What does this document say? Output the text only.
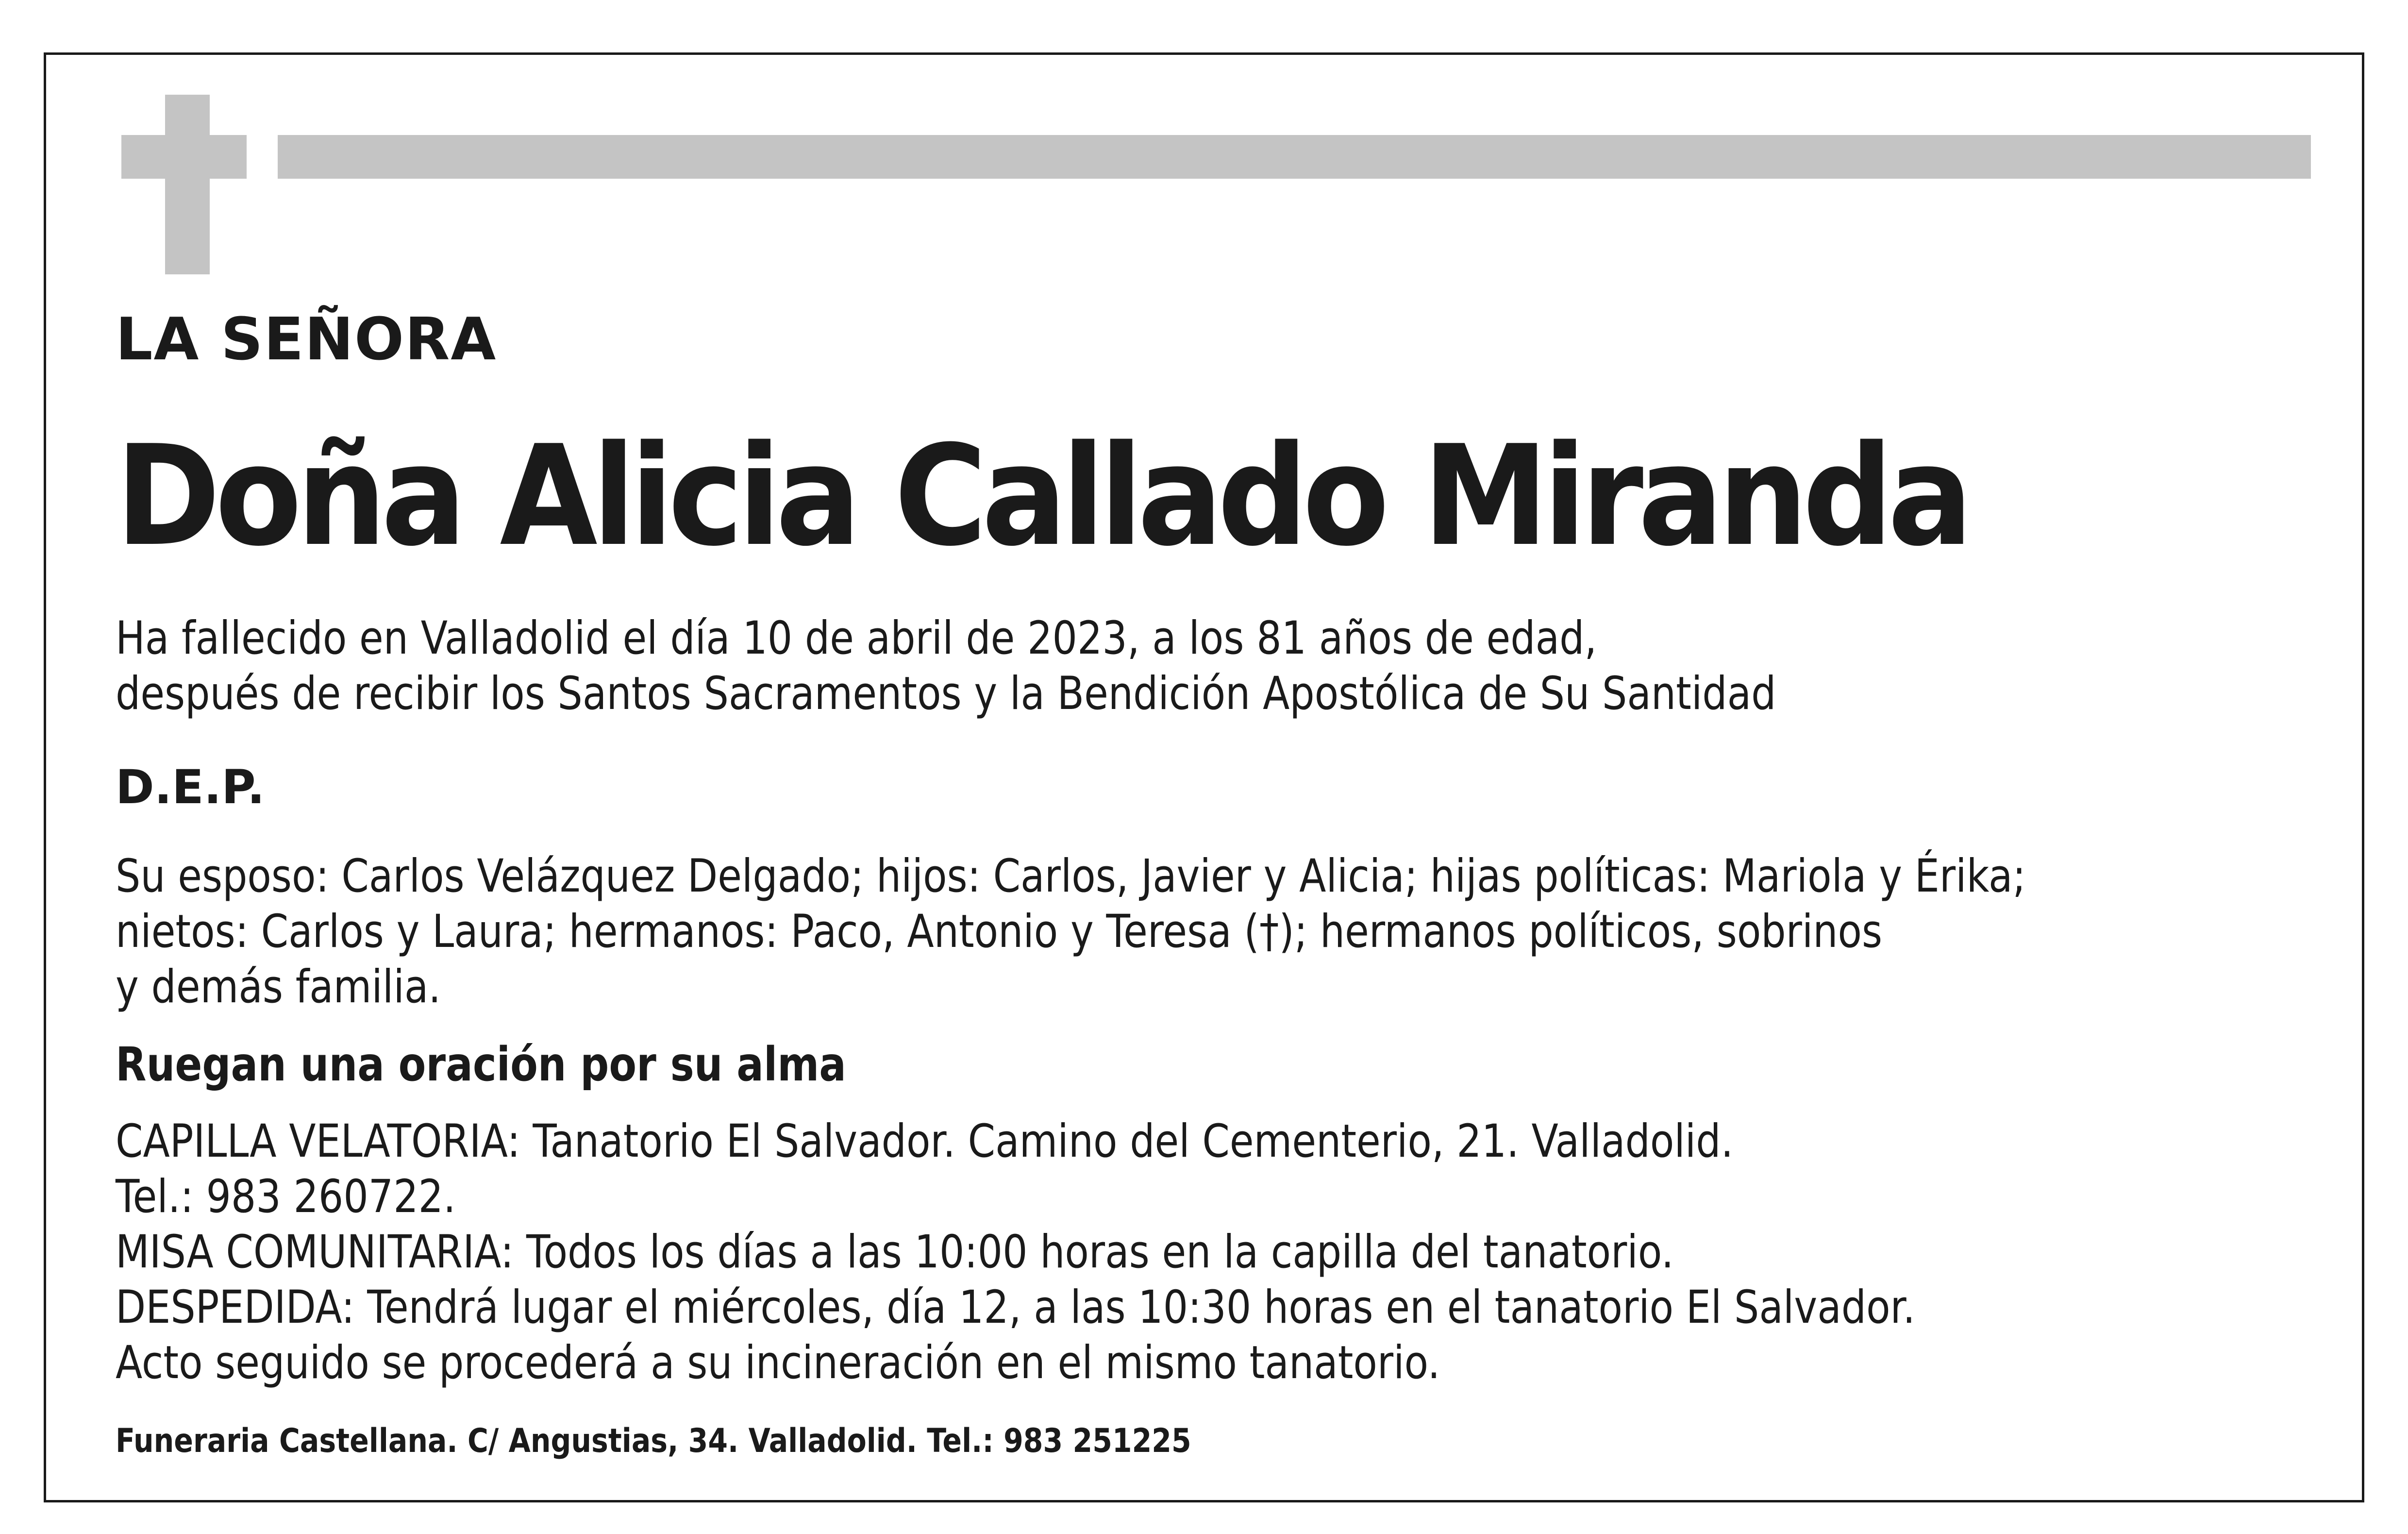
LA SEÑORA
Doña Alicia Callado Miranda
Ha fallecido en Valladolid el día 10 de abril de 2023, a los 81 años de edad,
después de recibir los Santos Sacramentos y la Bendición Apostólica de Su Santidad
D.E.P.
Su esposo: Carlos Velázquez Delgado; hijos: Carlos, Javier y Alicia; hijas políticas: Mariola y Érika;
nietos: Carlos y Laura; hermanos: Paco, Antonio y Teresa (†); hermanos políticos, sobrinos
y demás familia.
Ruegan una oración por su alma
CAPILLA VELATORIA: Tanatorio El Salvador. Camino del Cementerio, 21. Valladolid.
Tel.: 983 260722.
MISA COMUNITARIA: Todos los días a las 10:00 horas en la capilla del tanatorio.
DESPEDIDA: Tendrá lugar el miércoles, día 12, a las 10:30 horas en el tanatorio El Salvador.
Acto seguido se procederá a su incineración en el mismo tanatorio.
Funeraria Castellana. C/ Angustias, 34. Valladolid. Tel.: 983 251225
